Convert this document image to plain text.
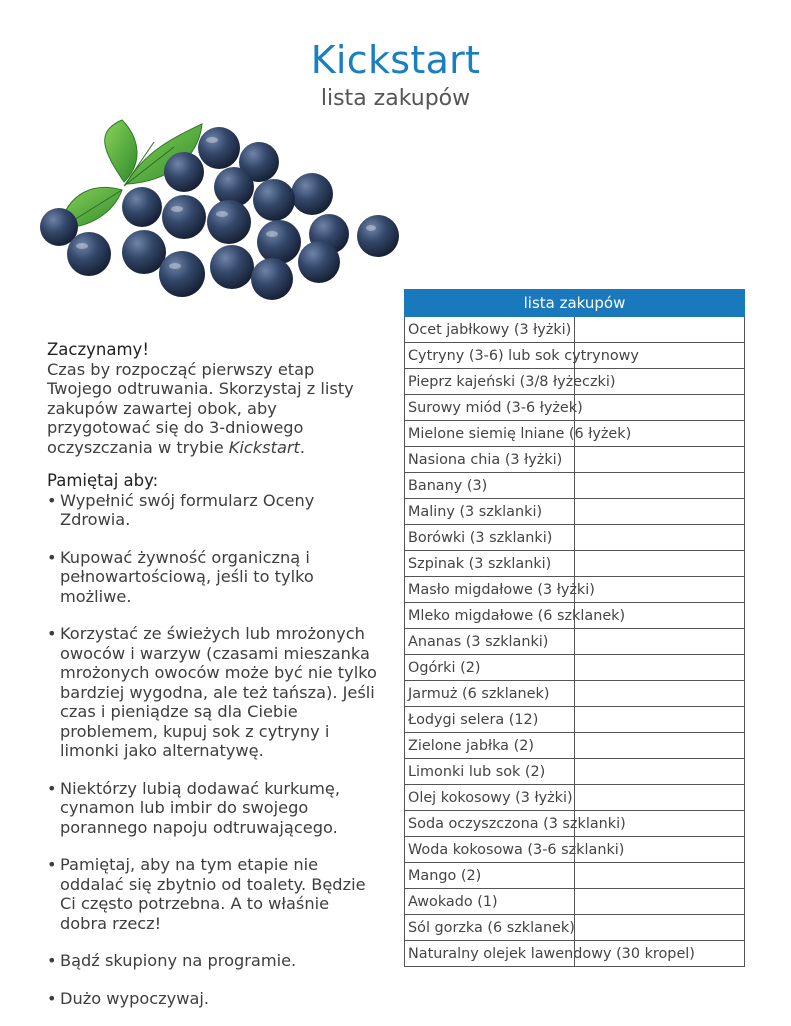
Kickstart
lista zakupów
Zaczynamy!

Czas by rozpocząć pierwszy etap Twojego odtruwania. Skorzystaj z listy zakupów zawartej obok, aby przygotować się do 3-dniowego oczyszczania w trybie Kickstart.

Pamiętaj aby:
• Wypełnić swój formularz Oceny Zdrowia.
• Kupować żywność organiczną i pełnowartościową, jeśli to tylko możliwe.
• Korzystać ze świeżych lub mrożonych owoców i warzyw (czasami mieszanka mrożonych owoców może być nie tylko bardziej wygodna, ale też tańsza). Jeśli czas i pieniądze są dla Ciebie problemem, kupuj sok z cytryny i limonki jako alternatywę.
• Niektórzy lubią dodawać kurkumę, cynamon lub imbir do swojego porannego napoju odtruwającego.
• Pamiętaj, aby na tym etapie nie oddalać się zbytnio od toalety. Będzie Ci często potrzebna. A to właśnie dobra rzecz!
• Bądź skupiony na programie.
• Dużo wypoczywaj.
lista zakupów	
Ocet jabłkowy (3 łyżki)	
Cytryny (3-6) lub sok cytrynowy	
Pieprz kajeński (3/8 łyżeczki)	
Surowy miód (3-6 łyżek)	
Mielone siemię lniane (6 łyżek)	
Nasiona chia (3 łyżki)	
Banany (3)	
Maliny (3 szklanki)	
Borówki (3 szklanki)	
Szpinak (3 szklanki)	
Masło migdałowe (3 łyżki)	
Mleko migdałowe (6 szklanek)	
Ananas (3 szklanki)	
Ogórki (2)	
Jarmuż (6 szklanek)	
Łodygi selera (12)	
Zielone jabłka (2)	
Limonki lub sok (2)	
Olej kokosowy (3 łyżki)	
Soda oczyszczona (3 szklanki)	
Woda kokosowa (3-6 szklanki)	
Mango (2)	
Awokado (1)	
Sól gorzka (6 szklanek)	
Naturalny olejek lawendowy (30 kropel)	
